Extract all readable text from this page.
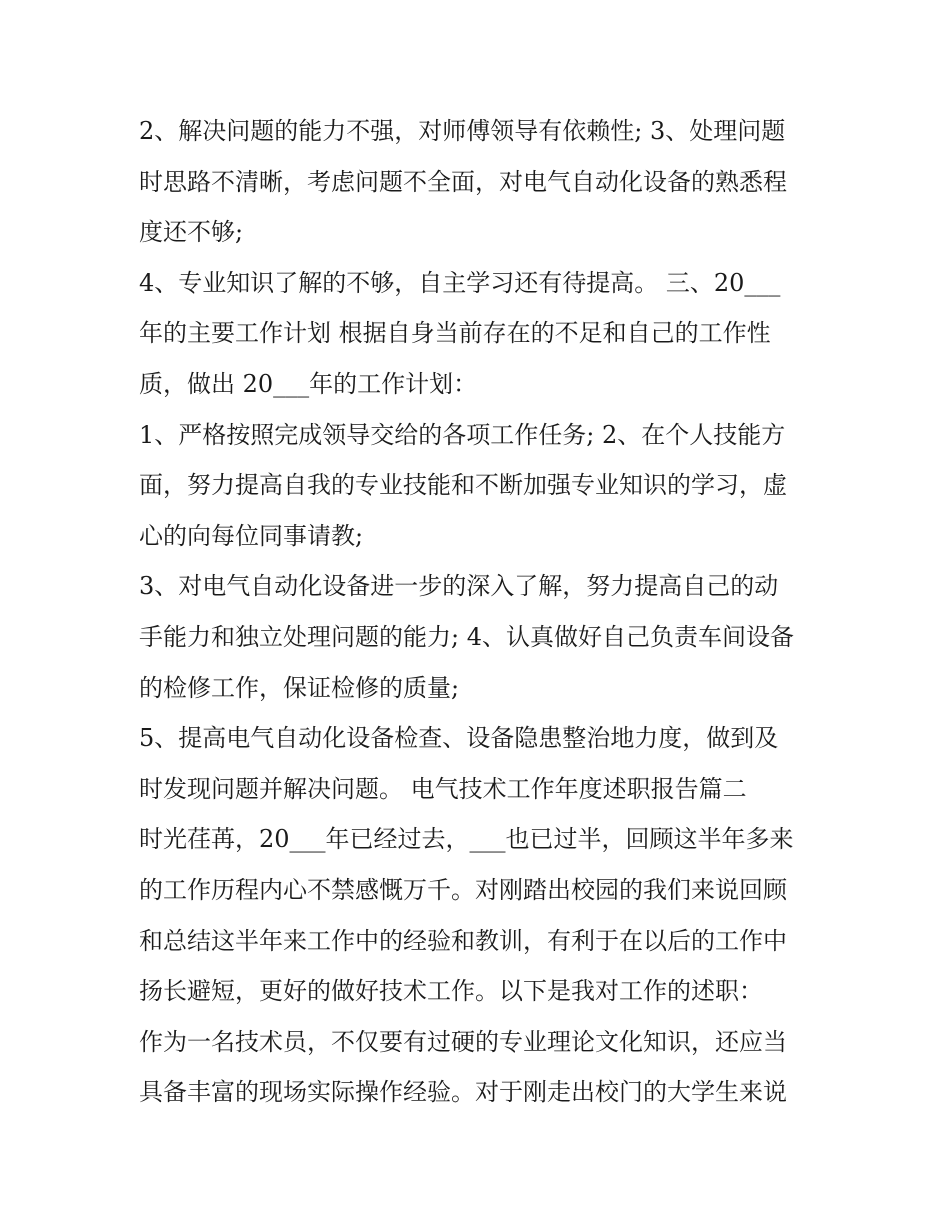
2、解决问题的能力不强，对师傅领导有依赖性; 3、处理问题
时思路不清晰，考虑问题不全面，对电气自动化设备的熟悉程
度还不够;
4、专业知识了解的不够，自主学习还有待提高。 三、20___
年的主要工作计划 根据自身当前存在的不足和自己的工作性
质，做出 20___年的工作计划：
1、严格按照完成领导交给的各项工作任务; 2、在个人技能方
面，努力提高自我的专业技能和不断加强专业知识的学习，虚
心的向每位同事请教;
3、对电气自动化设备进一步的深入了解，努力提高自己的动
手能力和独立处理问题的能力; 4、认真做好自己负责车间设备
的检修工作，保证检修的质量;
5、提高电气自动化设备检查、设备隐患整治地力度，做到及
时发现问题并解决问题。 电气技术工作年度述职报告篇二
时光荏苒，20___年已经过去，___也已过半，回顾这半年多来
的工作历程内心不禁感慨万千。对刚踏出校园的我们来说回顾
和总结这半年来工作中的经验和教训，有利于在以后的工作中
扬长避短，更好的做好技术工作。以下是我对工作的述职：
作为一名技术员，不仅要有过硬的专业理论文化知识，还应当
具备丰富的现场实际操作经验。对于刚走出校门的大学生来说
